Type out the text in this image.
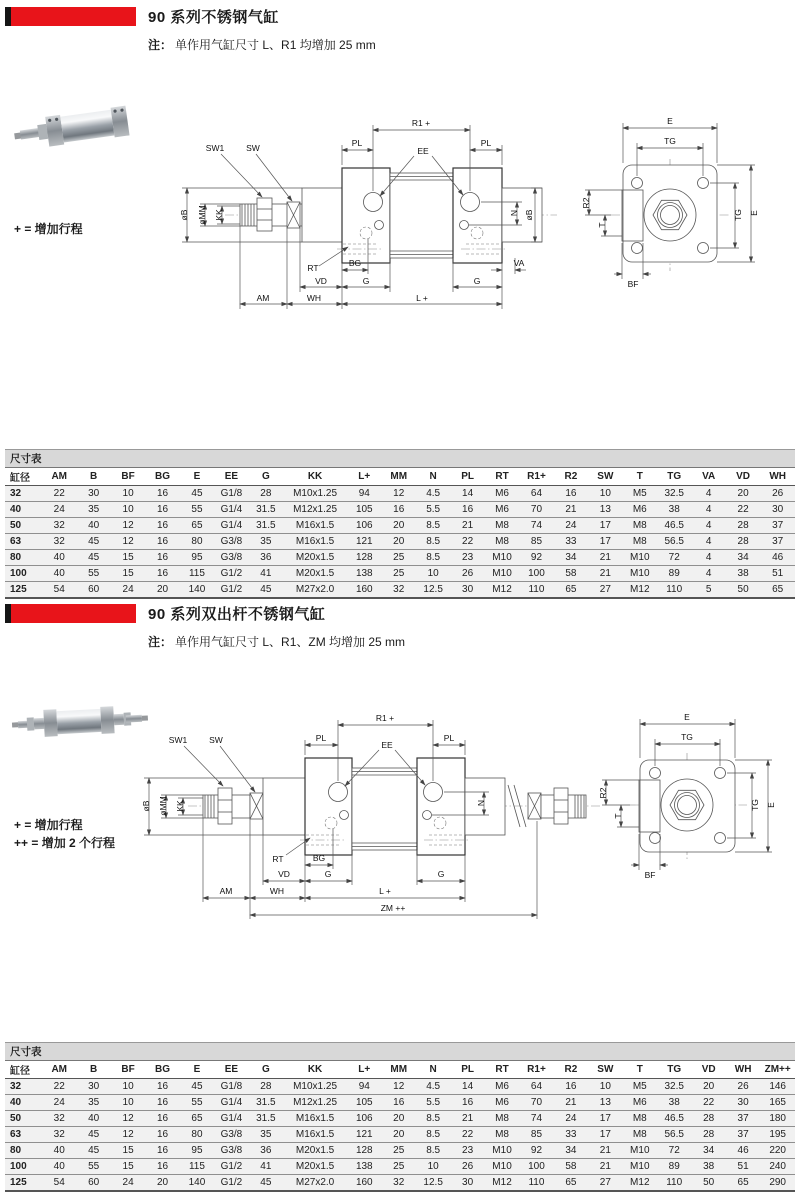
90 系列不锈钢气缸

注： 单作用气缸尺寸 L、R1 均增加 25 mm

+ = 增加行程
SW1	SW
R1 +
PL
EE
PL
øB øMM KK	N øB
RT	BG	VA
VD	G	G
AM	WH	L +
E
TG
TG E
R2
T
BF
尺寸表																					
缸径	AM	B	BF	BG	E	EE	G	KK	L+	MM	N	PL	RT	R1+	R2	SW	T	TG	VA	VD	WH
32	22	30	10	16	45	G1/8	28	M10x1.25	94	12	4.5	14	M6	64	16	10	M5	32.5	4	20	26
40	24	35	10	16	55	G1/4	31.5	M12x1.25	105	16	5.5	16	M6	70	21	13	M6	38	4	22	30
50	32	40	12	16	65	G1/4	31.5	M16x1.5	106	20	8.5	21	M8	74	24	17	M8	46.5	4	28	37
63	32	45	12	16	80	G3/8	35	M16x1.5	121	20	8.5	22	M8	85	33	17	M8	56.5	4	28	37
80	40	45	15	16	95	G3/8	36	M20x1.5	128	25	8.5	23	M10	92	34	21	M10	72	4	34	46
100	40	55	15	16	115	G1/2	41	M20x1.5	138	25	10	26	M10	100	58	21	M10	89	4	38	51
125	54	60	24	20	140	G1/2	45	M27x2.0	160	32	12.5	30	M12	110	65	27	M12	110	5	50	65
90 系列双出杆不锈钢气缸

注： 单作用气缸尺寸 L、R1、ZM 均增加 25 mm

+ = 增加行程
++ = 增加 2 个行程
SW1	SW
R1 +
PL
EE
PL
øB øMM KK	N
RT	BG
VD	G	G
AM	WH	L +
ZM ++
E
TG
R2
T
TG E
BF
尺寸表																					
缸径	AM	B	BF	BG	E	EE	G	KK	L+	MM	N	PL	RT	R1+	R2	SW	T	TG	VD	WH	ZM++
32	22	30	10	16	45	G1/8	28	M10x1.25	94	12	4.5	14	M6	64	16	10	M5	32.5	20	26	146
40	24	35	10	16	55	G1/4	31.5	M12x1.25	105	16	5.5	16	M6	70	21	13	M6	38	22	30	165
50	32	40	12	16	65	G1/4	31.5	M16x1.5	106	20	8.5	21	M8	74	24	17	M8	46.5	28	37	180
63	32	45	12	16	80	G3/8	35	M16x1.5	121	20	8.5	22	M8	85	33	17	M8	56.5	28	37	195
80	40	45	15	16	95	G3/8	36	M20x1.5	128	25	8.5	23	M10	92	34	21	M10	72	34	46	220
100	40	55	15	16	115	G1/2	41	M20x1.5	138	25	10	26	M10	100	58	21	M10	89	38	51	240
125	54	60	24	20	140	G1/2	45	M27x2.0	160	32	12.5	30	M12	110	65	27	M12	110	50	65	290
